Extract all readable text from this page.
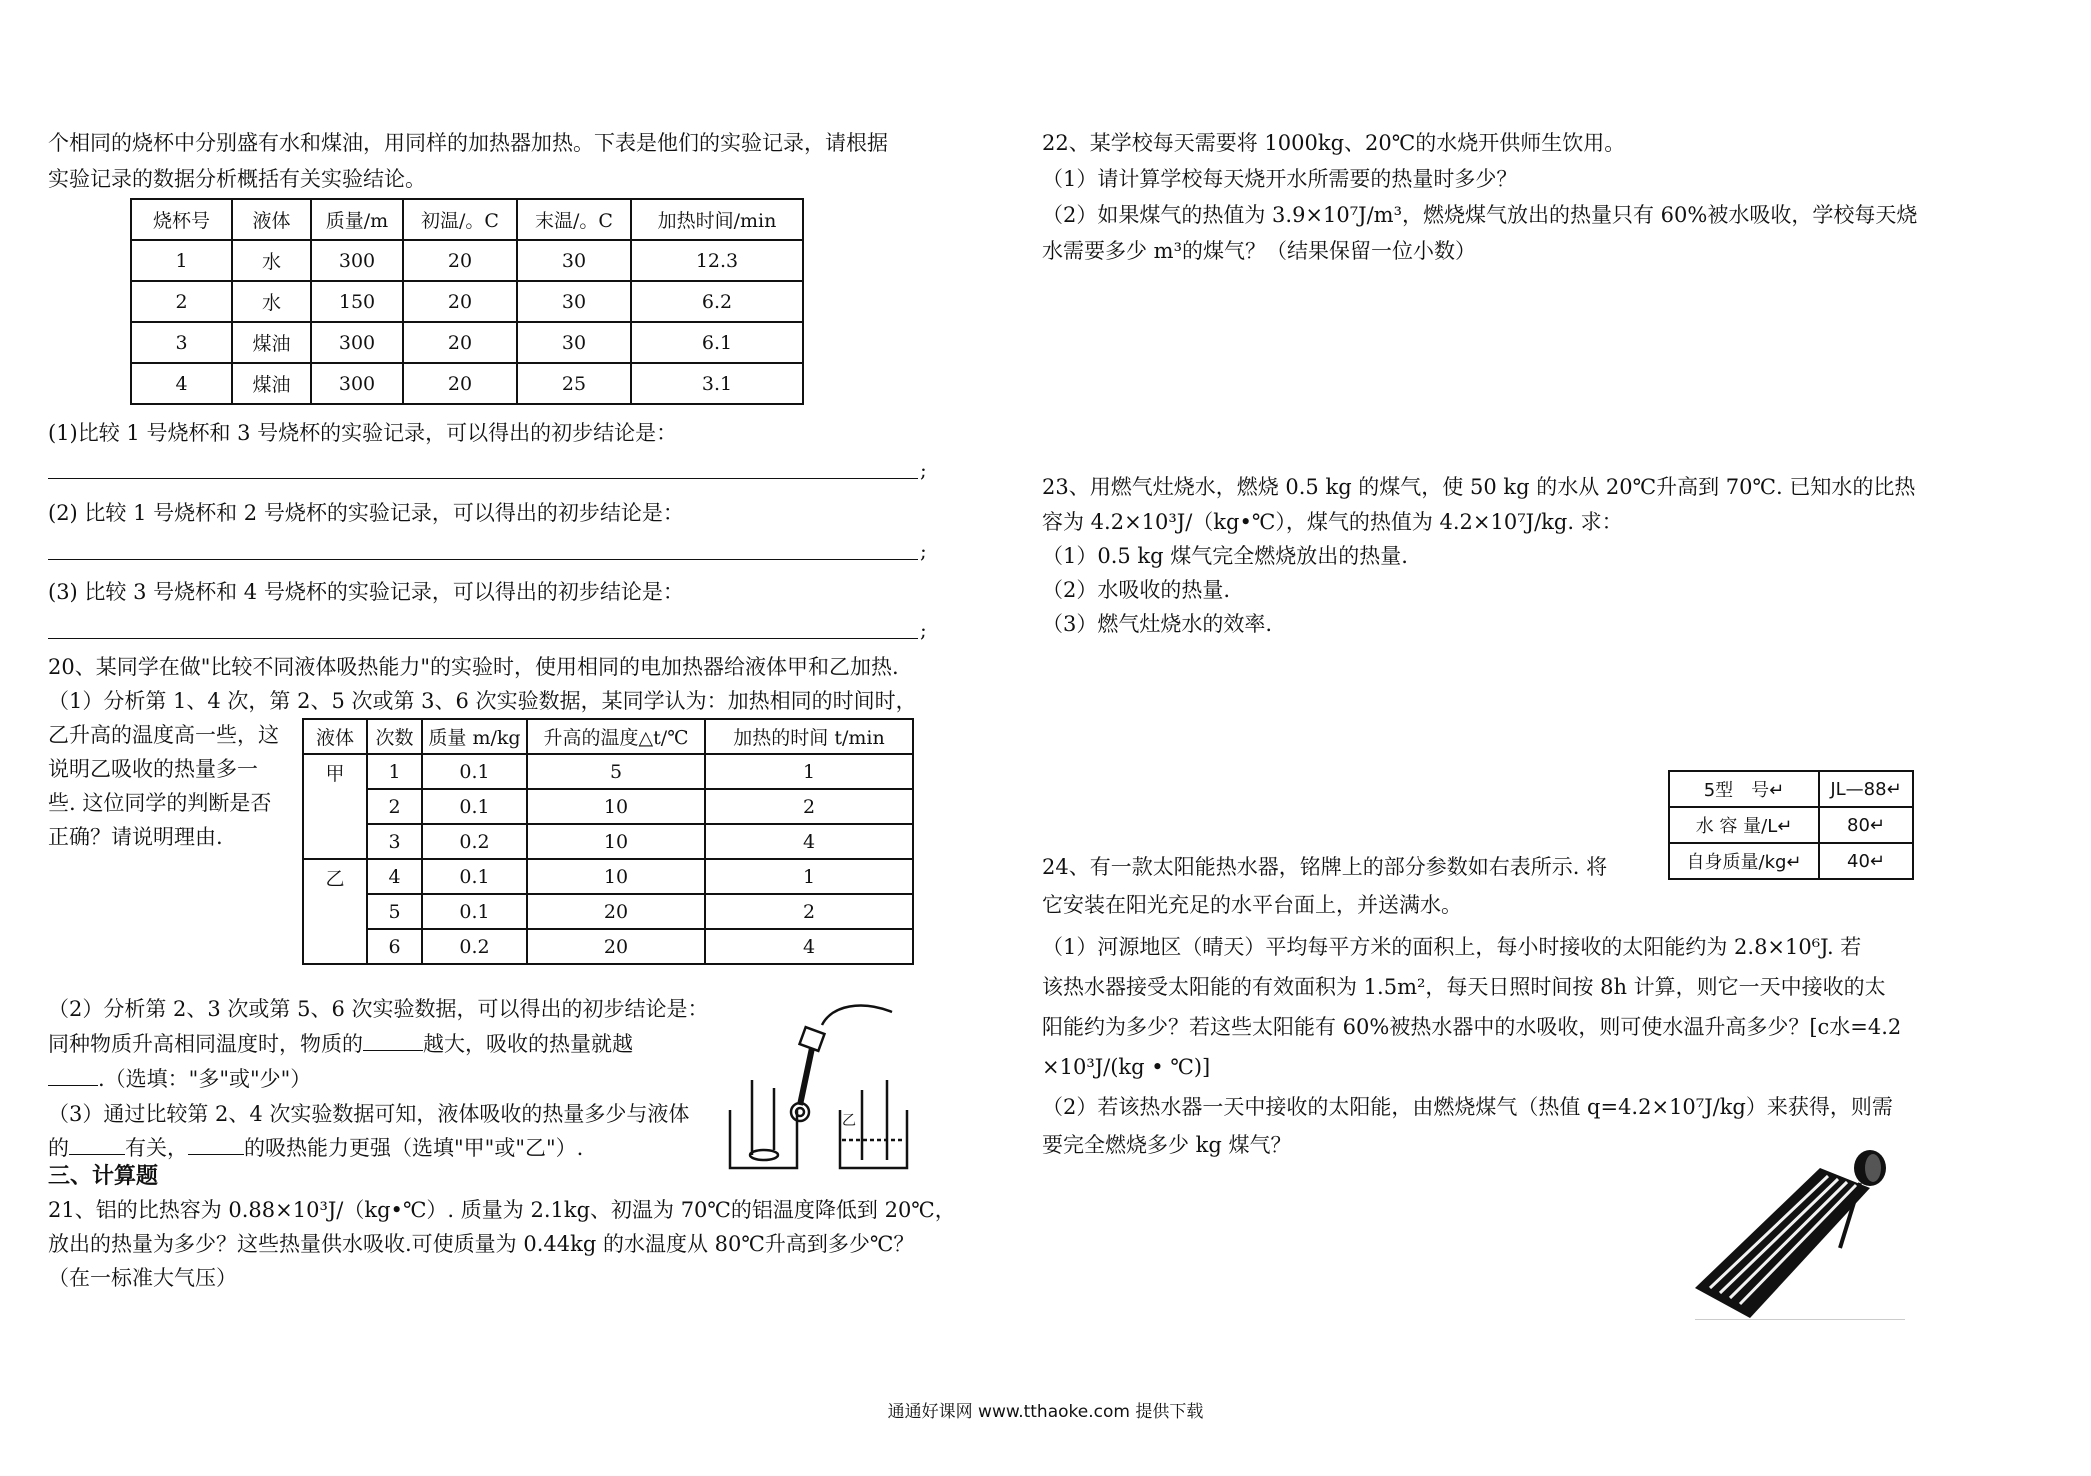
个相同的烧杯中分别盛有水和煤油，用同样的加热器加热。下表是他们的实验记录，请根据

实验记录的数据分析概括有关实验结论。

烧杯号	液体	质量/m	初温/。C	末温/。C	加热时间/min
1	水	300	20	30	12.3
2	水	150	20	30	6.2
3	煤油	300	20	30	6.1
4	煤油	300	20	25	3.1

(1)比较 1 号烧杯和 3 号烧杯的实验记录，可以得出的初步结论是：

;

(2) 比较 1 号烧杯和 2 号烧杯的实验记录，可以得出的初步结论是：

;

(3) 比较 3 号烧杯和 4 号烧杯的实验记录，可以得出的初步结论是：

;

20、某同学在做"比较不同液体吸热能力"的实验时，使用相同的电加热器给液体甲和乙加热.

（1）分析第 1、4 次，第 2、5 次或第 3、6 次实验数据，某同学认为：加热相同的时间时，

乙升高的温度高一些，这

说明乙吸收的热量多一

些. 这位同学的判断是否

正确？请说明理由.

液体	次数	质量 m/kg	升高的温度△t/℃	加热的时间 t/min
甲	1	0.1	5	1
	2	0.1	10	2
	3	0.2	10	4
乙	4	0.1	10	1
	5	0.1	20	2
	6	0.2	20	4

（2）分析第 2、3 次或第 5、6 次实验数据，可以得出的初步结论是：

同种物质升高相同温度时，物质的	越大，吸收的热量就越

.（选填："多"或"少"）

（3）通过比较第 2、4 次实验数据可知，液体吸收的热量多少与液体

的	有关，	的吸热能力更强（选填"甲"或"乙"）.

乙

三、计算题

21、铝的比热容为 0.88×10³J/（kg•℃）. 质量为 2.1kg、初温为 70℃的铝温度降低到 20℃，

放出的热量为多少？这些热量供水吸收.可使质量为 0.44kg 的水温度从 80℃升高到多少℃？

（在一标准大气压）

22、某学校每天需要将 1000kg、20℃的水烧开供师生饮用。

（1）请计算学校每天烧开水所需要的热量时多少？

（2）如果煤气的热值为 3.9×10⁷J/m³，燃烧煤气放出的热量只有 60%被水吸收，学校每天烧

水需要多少 m³的煤气？（结果保留一位小数）

23、用燃气灶烧水，燃烧 0.5 kg 的煤气，使 50 kg 的水从 20℃升高到 70℃. 已知水的比热

容为 4.2×10³J/（kg•℃），煤气的热值为 4.2×10⁷J/kg. 求：

（1）0.5 kg 煤气完全燃烧放出的热量.

（2）水吸收的热量.

（3）燃气灶烧水的效率.

5型　号↵	JL—88↵
水 容 量/L↵	80↵
自身质量/kg↵	40↵

24、有一款太阳能热水器，铭牌上的部分参数如右表所示. 将

它安装在阳光充足的水平台面上，并送满水。

（1）河源地区（晴天）平均每平方米的面积上，每小时接收的太阳能约为 2.8×10⁶J. 若

该热水器接受太阳能的有效面积为 1.5m²，每天日照时间按 8h 计算，则它一天中接收的太

阳能约为多少？若这些太阳能有 60%被热水器中的水吸收，则可使水温升高多少？[c水=4.2

×10³J/(kg • ℃)]

（2）若该热水器一天中接收的太阳能，由燃烧煤气（热值 q=4.2×10⁷J/kg）来获得，则需

要完全燃烧多少 kg 煤气？

通通好课网 www.tthaoke.com 提供下载
